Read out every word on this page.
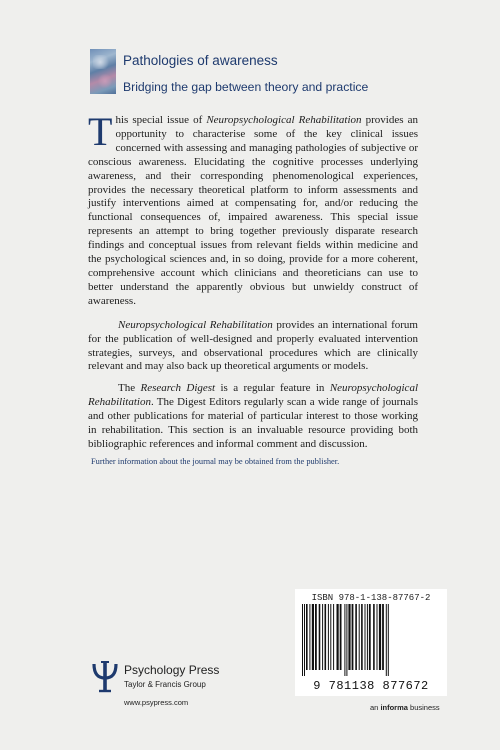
Pathologies of awareness
Bridging the gap between theory and practice

This special issue of Neuropsychological Rehabilitation provides an opportunity to characterise some of the key clinical issues concerned with assessing and managing pathologies of subjective or conscious awareness. Elucidating the cognitive processes underlying awareness, and their corresponding phenomenological experiences, provides the necessary theoretical platform to inform assessments and justify interventions aimed at compensating for, and/or reducing the functional consequences of, impaired awareness. This special issue represents an attempt to bring together previously disparate research findings and conceptual issues from relevant fields within medicine and the psychological sciences and, in so doing, provide for a more coherent, comprehensive account which clinicians and theoreticians can use to better understand the apparently obvious but unwieldy construct of awareness.

Neuropsychological Rehabilitation provides an international forum for the publication of well-designed and properly evaluated intervention strategies, surveys, and observational procedures which are clinically relevant and may also back up theoretical arguments or models.

The Research Digest is a regular feature in Neuropsychological Rehabilitation. The Digest Editors regularly scan a wide range of journals and other publications for material of particular interest to those working in rehabilitation. This section is an invaluable resource providing both bibliographic references and informal comment and discussion.

Further information about the journal may be obtained from the publisher.
ISBN 978-1-138-87767-2
9 781138 877672
Psychology Press
Taylor & Francis Group
www.psypress.com
an informa business
